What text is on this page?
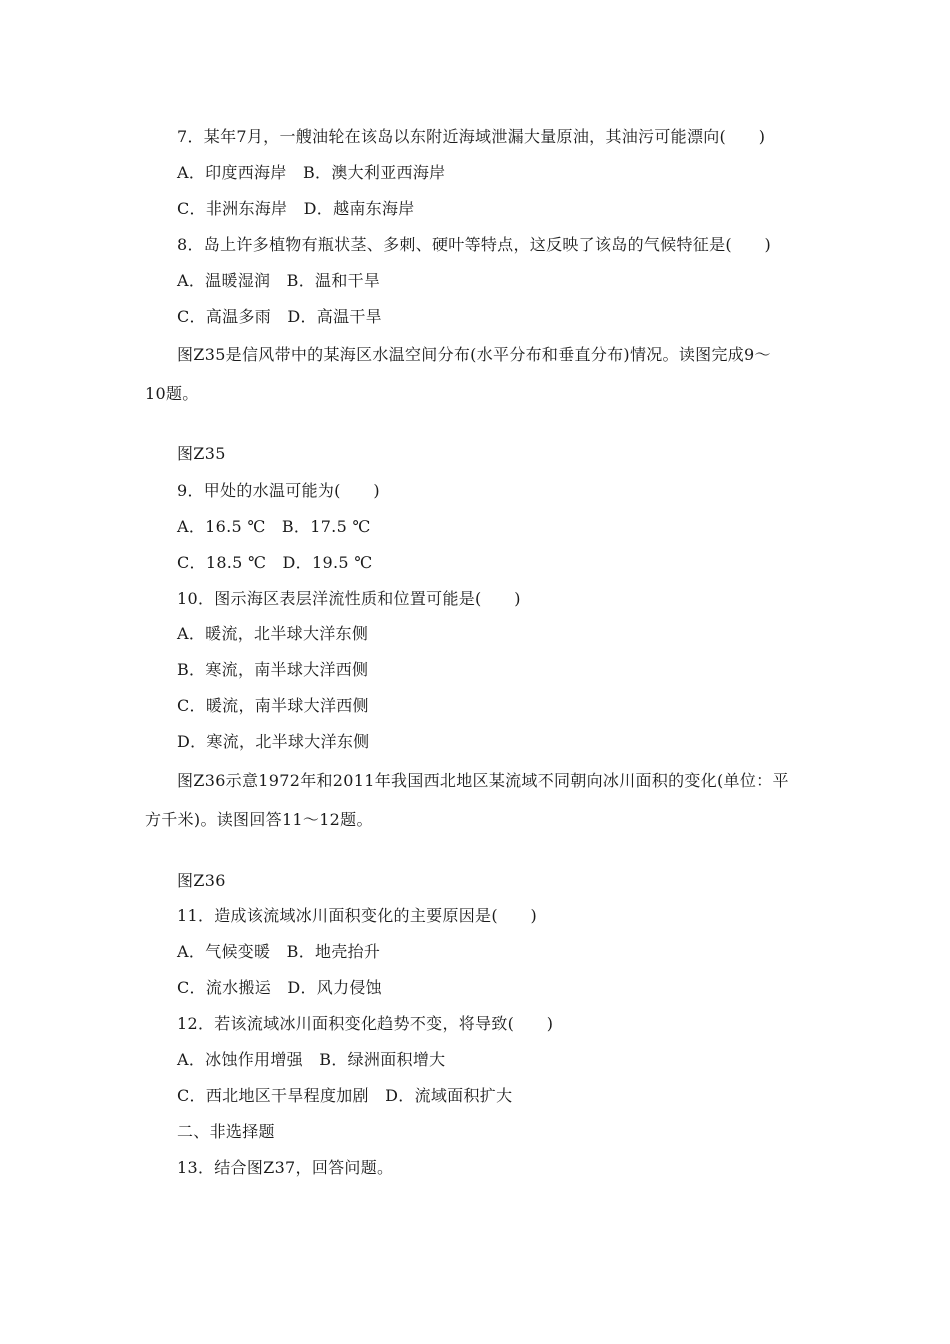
7．某年7月，一艘油轮在该岛以东附近海域泄漏大量原油，其油污可能漂向(　　)
A．印度西海岸　B．澳大利亚西海岸
C．非洲东海岸　D．越南东海岸
8．岛上许多植物有瓶状茎、多刺、硬叶等特点，这反映了该岛的气候特征是(　　)
A．温暖湿润　B．温和干旱
C．高温多雨　D．高温干旱
图Z35是信风带中的某海区水温空间分布(水平分布和垂直分布)情况。读图完成9～
10题。
图Z35
9．甲处的水温可能为(　　)
A．16.5 ℃　B．17.5 ℃
C．18.5 ℃　D．19.5 ℃
10．图示海区表层洋流性质和位置可能是(　　)
A．暖流，北半球大洋东侧
B．寒流，南半球大洋西侧
C．暖流，南半球大洋西侧
D．寒流，北半球大洋东侧
图Z36示意1972年和2011年我国西北地区某流域不同朝向冰川面积的变化(单位：平
方千米)。读图回答11～12题。
图Z36
11．造成该流域冰川面积变化的主要原因是(　　)
A．气候变暖　B．地壳抬升
C．流水搬运　D．风力侵蚀
12．若该流域冰川面积变化趋势不变，将导致(　　)
A．冰蚀作用增强　B．绿洲面积增大
C．西北地区干旱程度加剧　D．流域面积扩大
二、非选择题
13．结合图Z37，回答问题。
